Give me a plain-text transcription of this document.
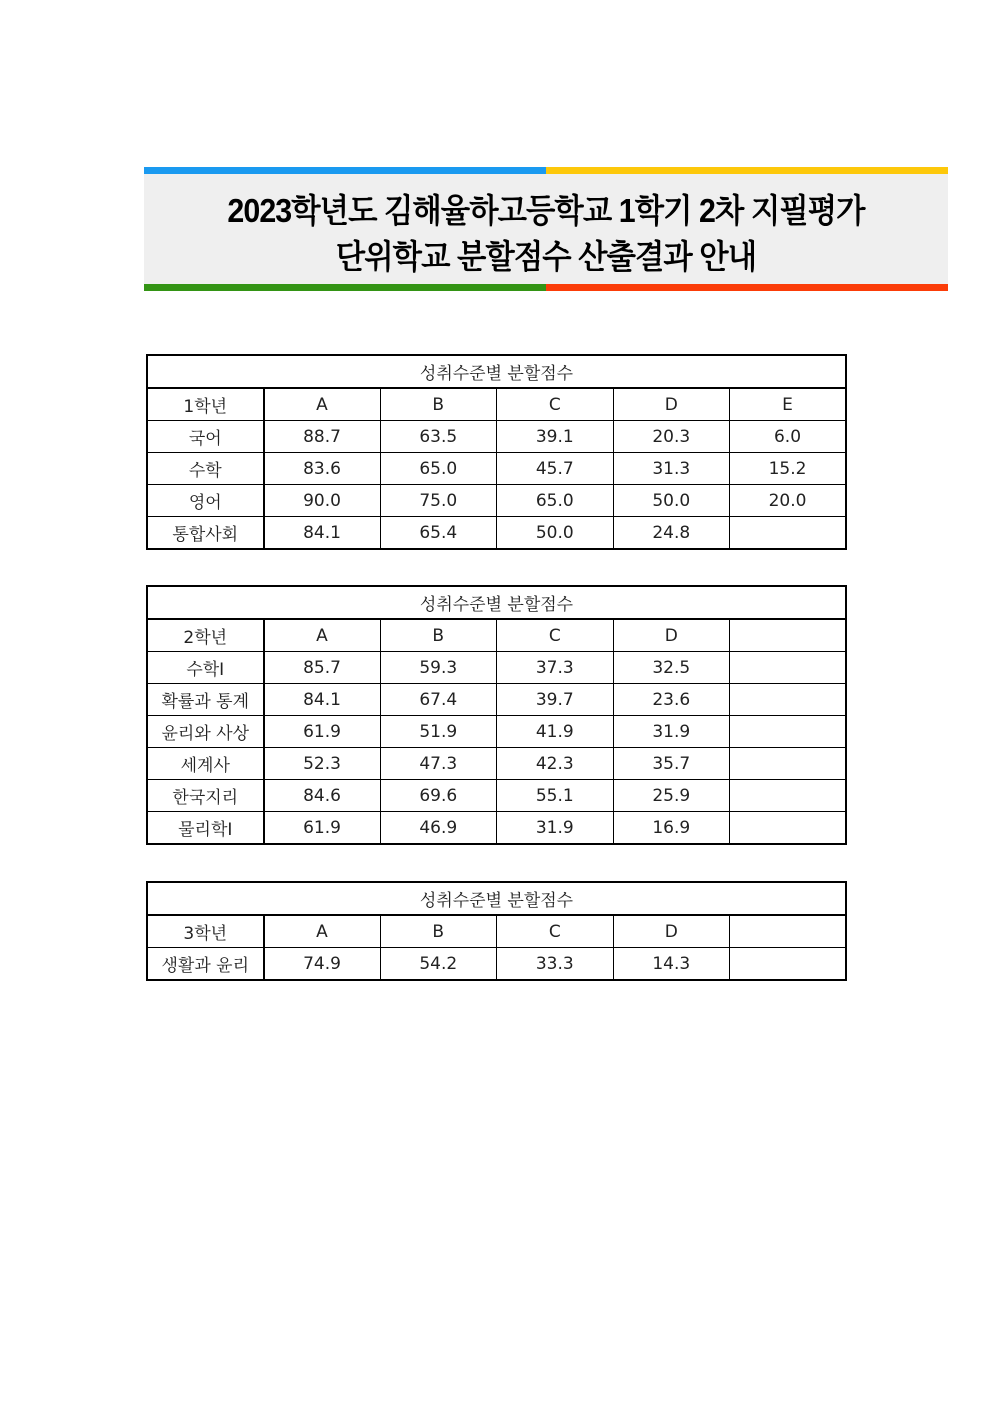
2023학년도 김해율하고등학교 1학기 2차 지필평가
단위학교 분할점수 산출결과 안내
성취수준별 분할점수					
1학년	A	B	C	D	E
국어	88.7	63.5	39.1	20.3	6.0
수학	83.6	65.0	45.7	31.3	15.2
영어	90.0	75.0	65.0	50.0	20.0
통합사회	84.1	65.4	50.0	24.8	
성취수준별 분할점수					
2학년	A	B	C	D	
수학Ⅰ	85.7	59.3	37.3	32.5	
확률과 통계	84.1	67.4	39.7	23.6	
윤리와 사상	61.9	51.9	41.9	31.9	
세계사	52.3	47.3	42.3	35.7	
한국지리	84.6	69.6	55.1	25.9	
물리학Ⅰ	61.9	46.9	31.9	16.9	
성취수준별 분할점수					
3학년	A	B	C	D	
생활과 윤리	74.9	54.2	33.3	14.3	
